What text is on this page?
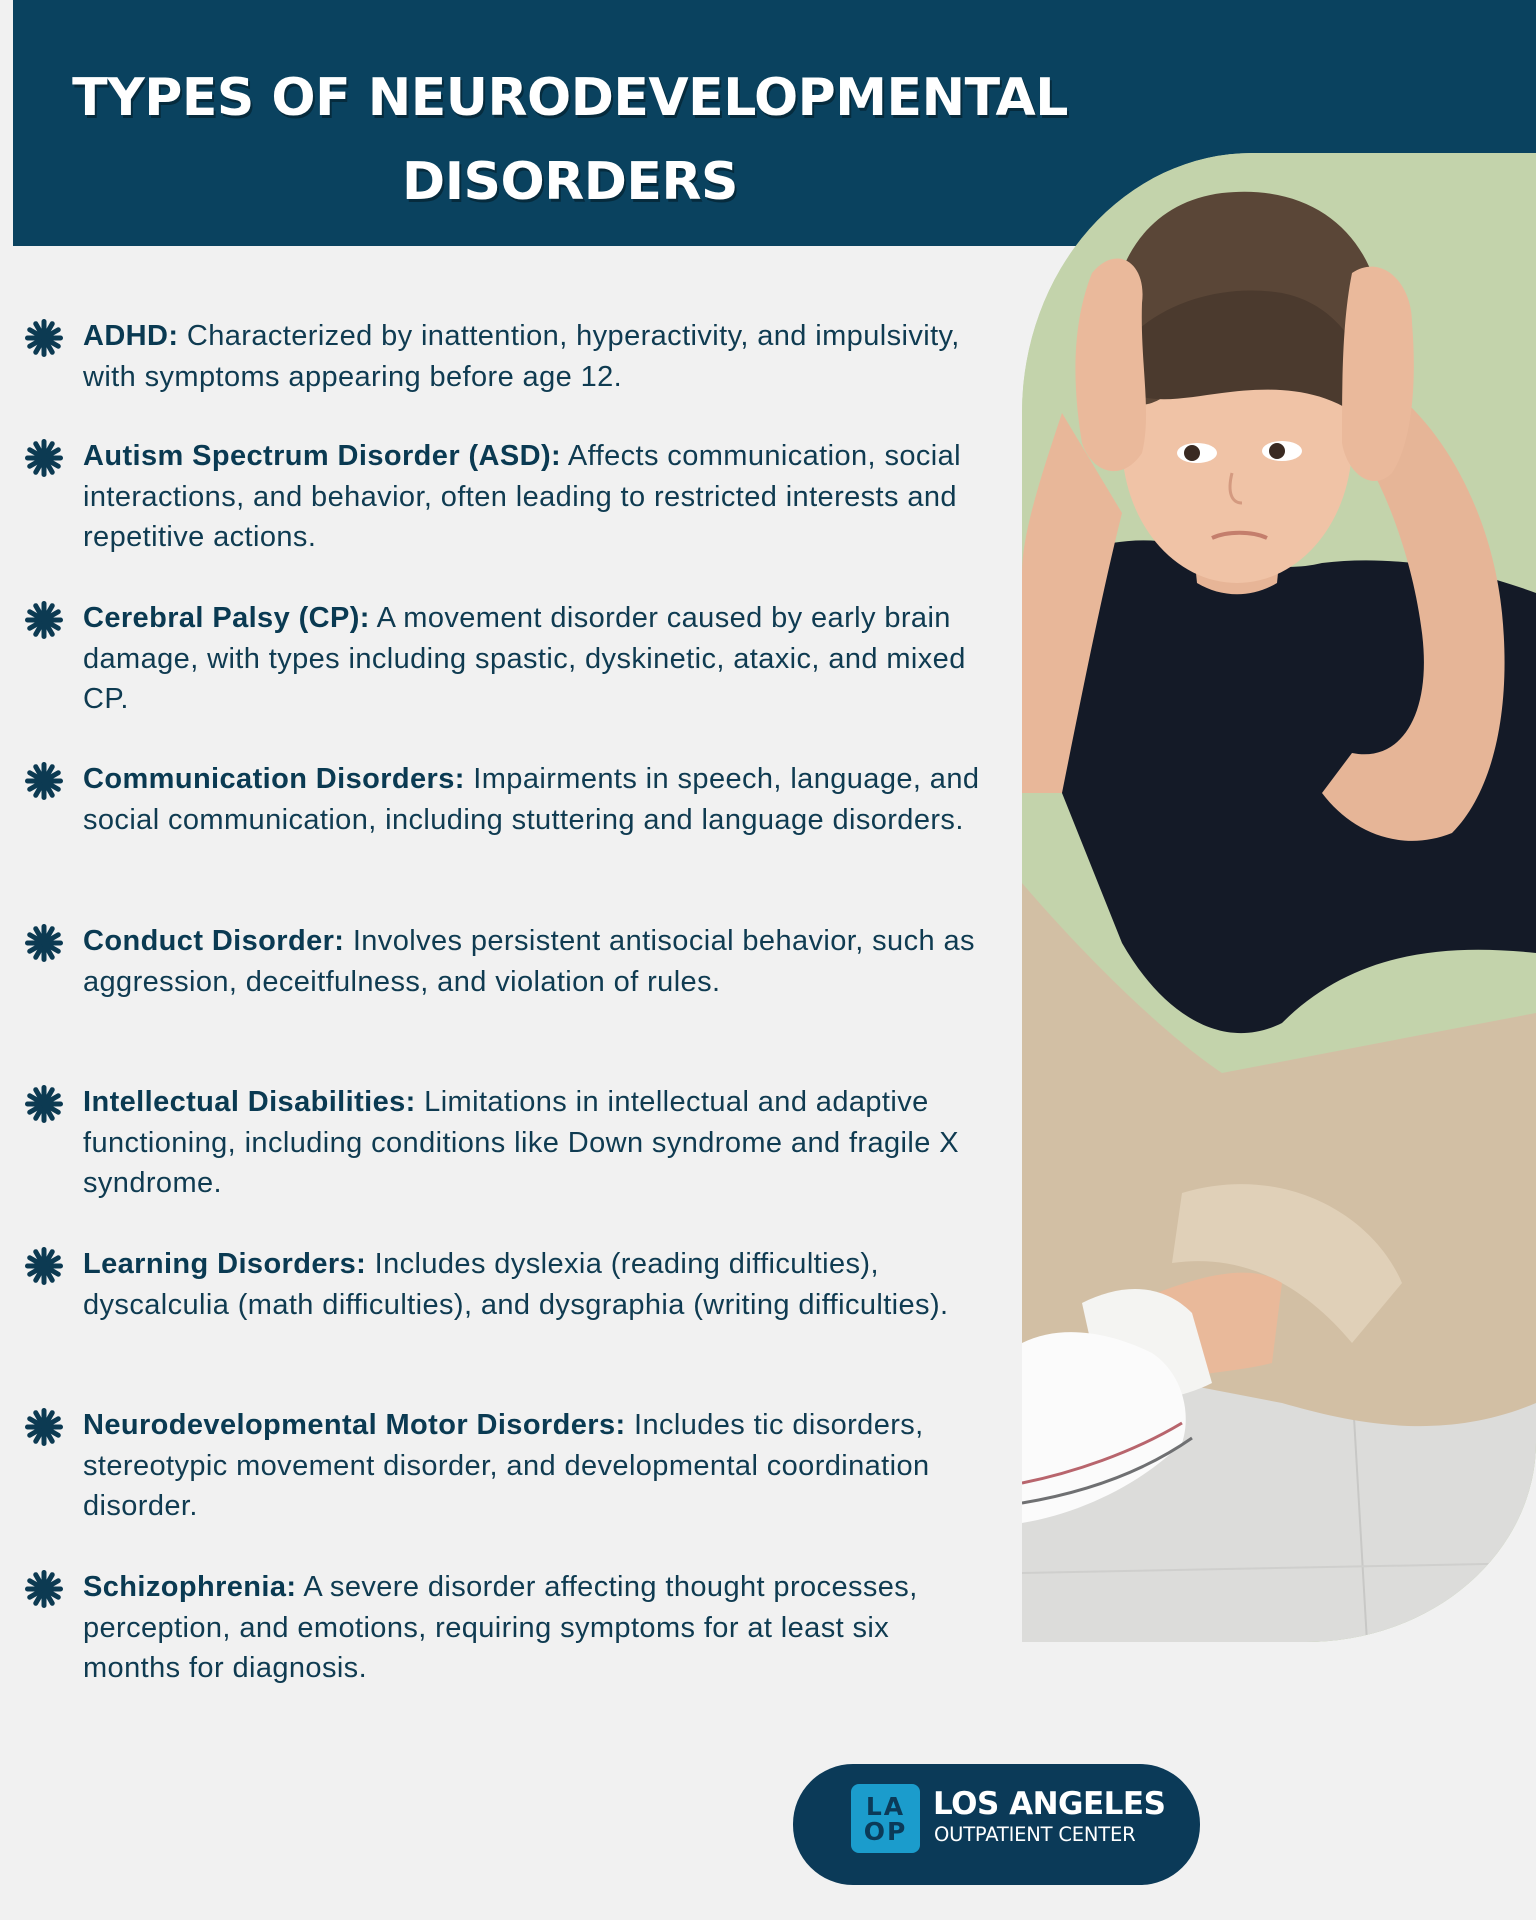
TYPES OF NEURODEVELOPMENTAL
DISORDERS

ADHD: Characterized by inattention, hyperactivity, and impulsivity, with symptoms appearing before age 12.

Autism Spectrum Disorder (ASD): Affects communication, social interactions, and behavior, often leading to restricted interests and repetitive actions.

Cerebral Palsy (CP): A movement disorder caused by early brain damage, with types including spastic, dyskinetic, ataxic, and mixed CP.

Communication Disorders: Impairments in speech, language, and social communication, including stuttering and language disorders.

Conduct Disorder: Involves persistent antisocial behavior, such as aggression, deceitfulness, and violation of rules.

Intellectual Disabilities: Limitations in intellectual and adaptive functioning, including conditions like Down syndrome and fragile X syndrome.

Learning Disorders: Includes dyslexia (reading difficulties), dyscalculia (math difficulties), and dysgraphia (writing difficulties).

Neurodevelopmental Motor Disorders: Includes tic disorders, stereotypic movement disorder, and developmental coordination disorder.

Schizophrenia: A severe disorder affecting thought processes, perception, and emotions, requiring symptoms for at least six months for diagnosis.

LA
OP
LOS ANGELES
OUTPATIENT CENTER
